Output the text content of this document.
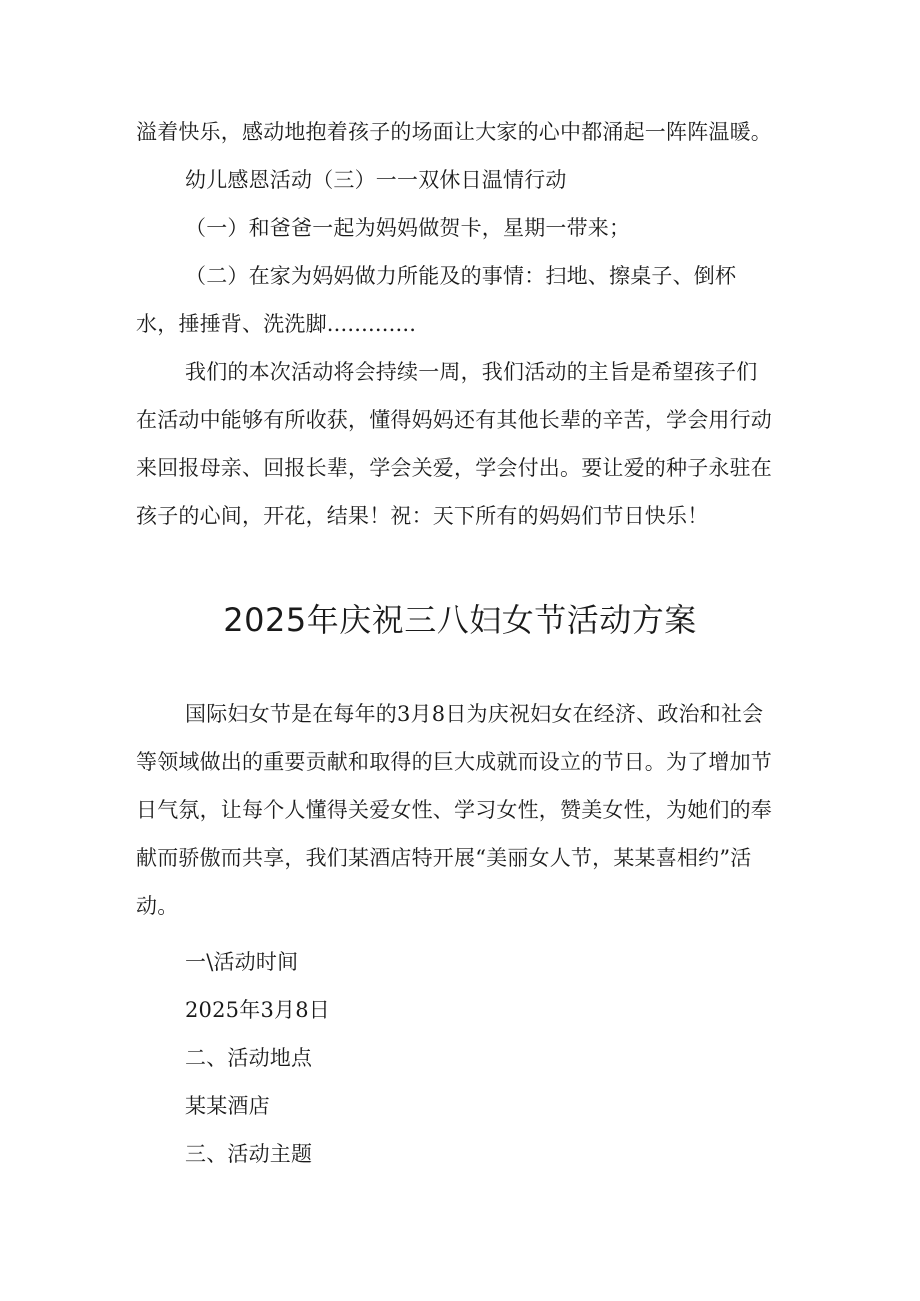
溢着快乐，感动地抱着孩子的场面让大家的心中都涌起一阵阵温暖。
幼儿感恩活动（三）一一双休日温情行动
（一）和爸爸一起为妈妈做贺卡，星期一带来；
（二）在家为妈妈做力所能及的事情：扫地、擦桌子、倒杯
水，捶捶背、洗洗脚.............
我们的本次活动将会持续一周，我们活动的主旨是希望孩子们
在活动中能够有所收获，懂得妈妈还有其他长辈的辛苦，学会用行动
来回报母亲、回报长辈，学会关爱，学会付出。要让爱的种子永驻在
孩子的心间，开花，结果！祝：天下所有的妈妈们节日快乐！
2025年庆祝三八妇女节活动方案
国际妇女节是在每年的3月8日为庆祝妇女在经济、政治和社会
等领域做出的重要贡献和取得的巨大成就而设立的节日。为了增加节
日气氛，让每个人懂得关爱女性、学习女性，赞美女性，为她们的奉
献而骄傲而共享，我们某酒店特开展“美丽女人节，某某喜相约”活
动。
一\活动时间
2025年3月8日
二、活动地点
某某酒店
三、活动主题
